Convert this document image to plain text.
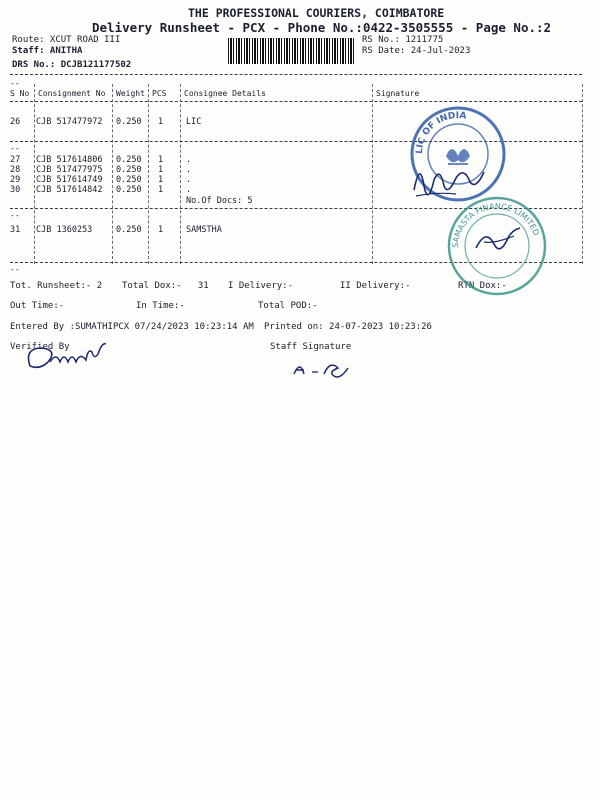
THE PROFESSIONAL COURIERS, COIMBATORE
Delivery Runsheet - PCX - Phone No.:0422-3505555 - Page No.:2
Route: XCUT ROAD III
Staff: ANITHA
DRS No.: DCJB121177502
RS No.: 1211775
RS Date: 24-Jul-2023
--
S No Consignment No Weight PCS Consignee Details	Signature
26 CJB 517477972 0.250 1	LIC
--
27 CJB 517614806 0.250 1	.
28 CJB 517477975 0.250 1	.
29 CJB 517614749 0.250 1	.
30 CJB 517614842 0.250 1	.
No.Of Docs: 5
--
31 CJB 1360253	0.250 1	SAMSTHA
--
Tot. Runsheet:- 2 Total Dox:-   31 I Delivery:-	II Delivery:-	RTN Dox:-
Out Time:-	In Time:-	Total POD:-
Entered By :SUMATHIPCX 07/24/2023 10:23:14 AM Printed on: 24-07-2023 10:23:26
Verified By	Staff Signature
LIC OF INDIA
SAMASTA FINANCE LIMITED
